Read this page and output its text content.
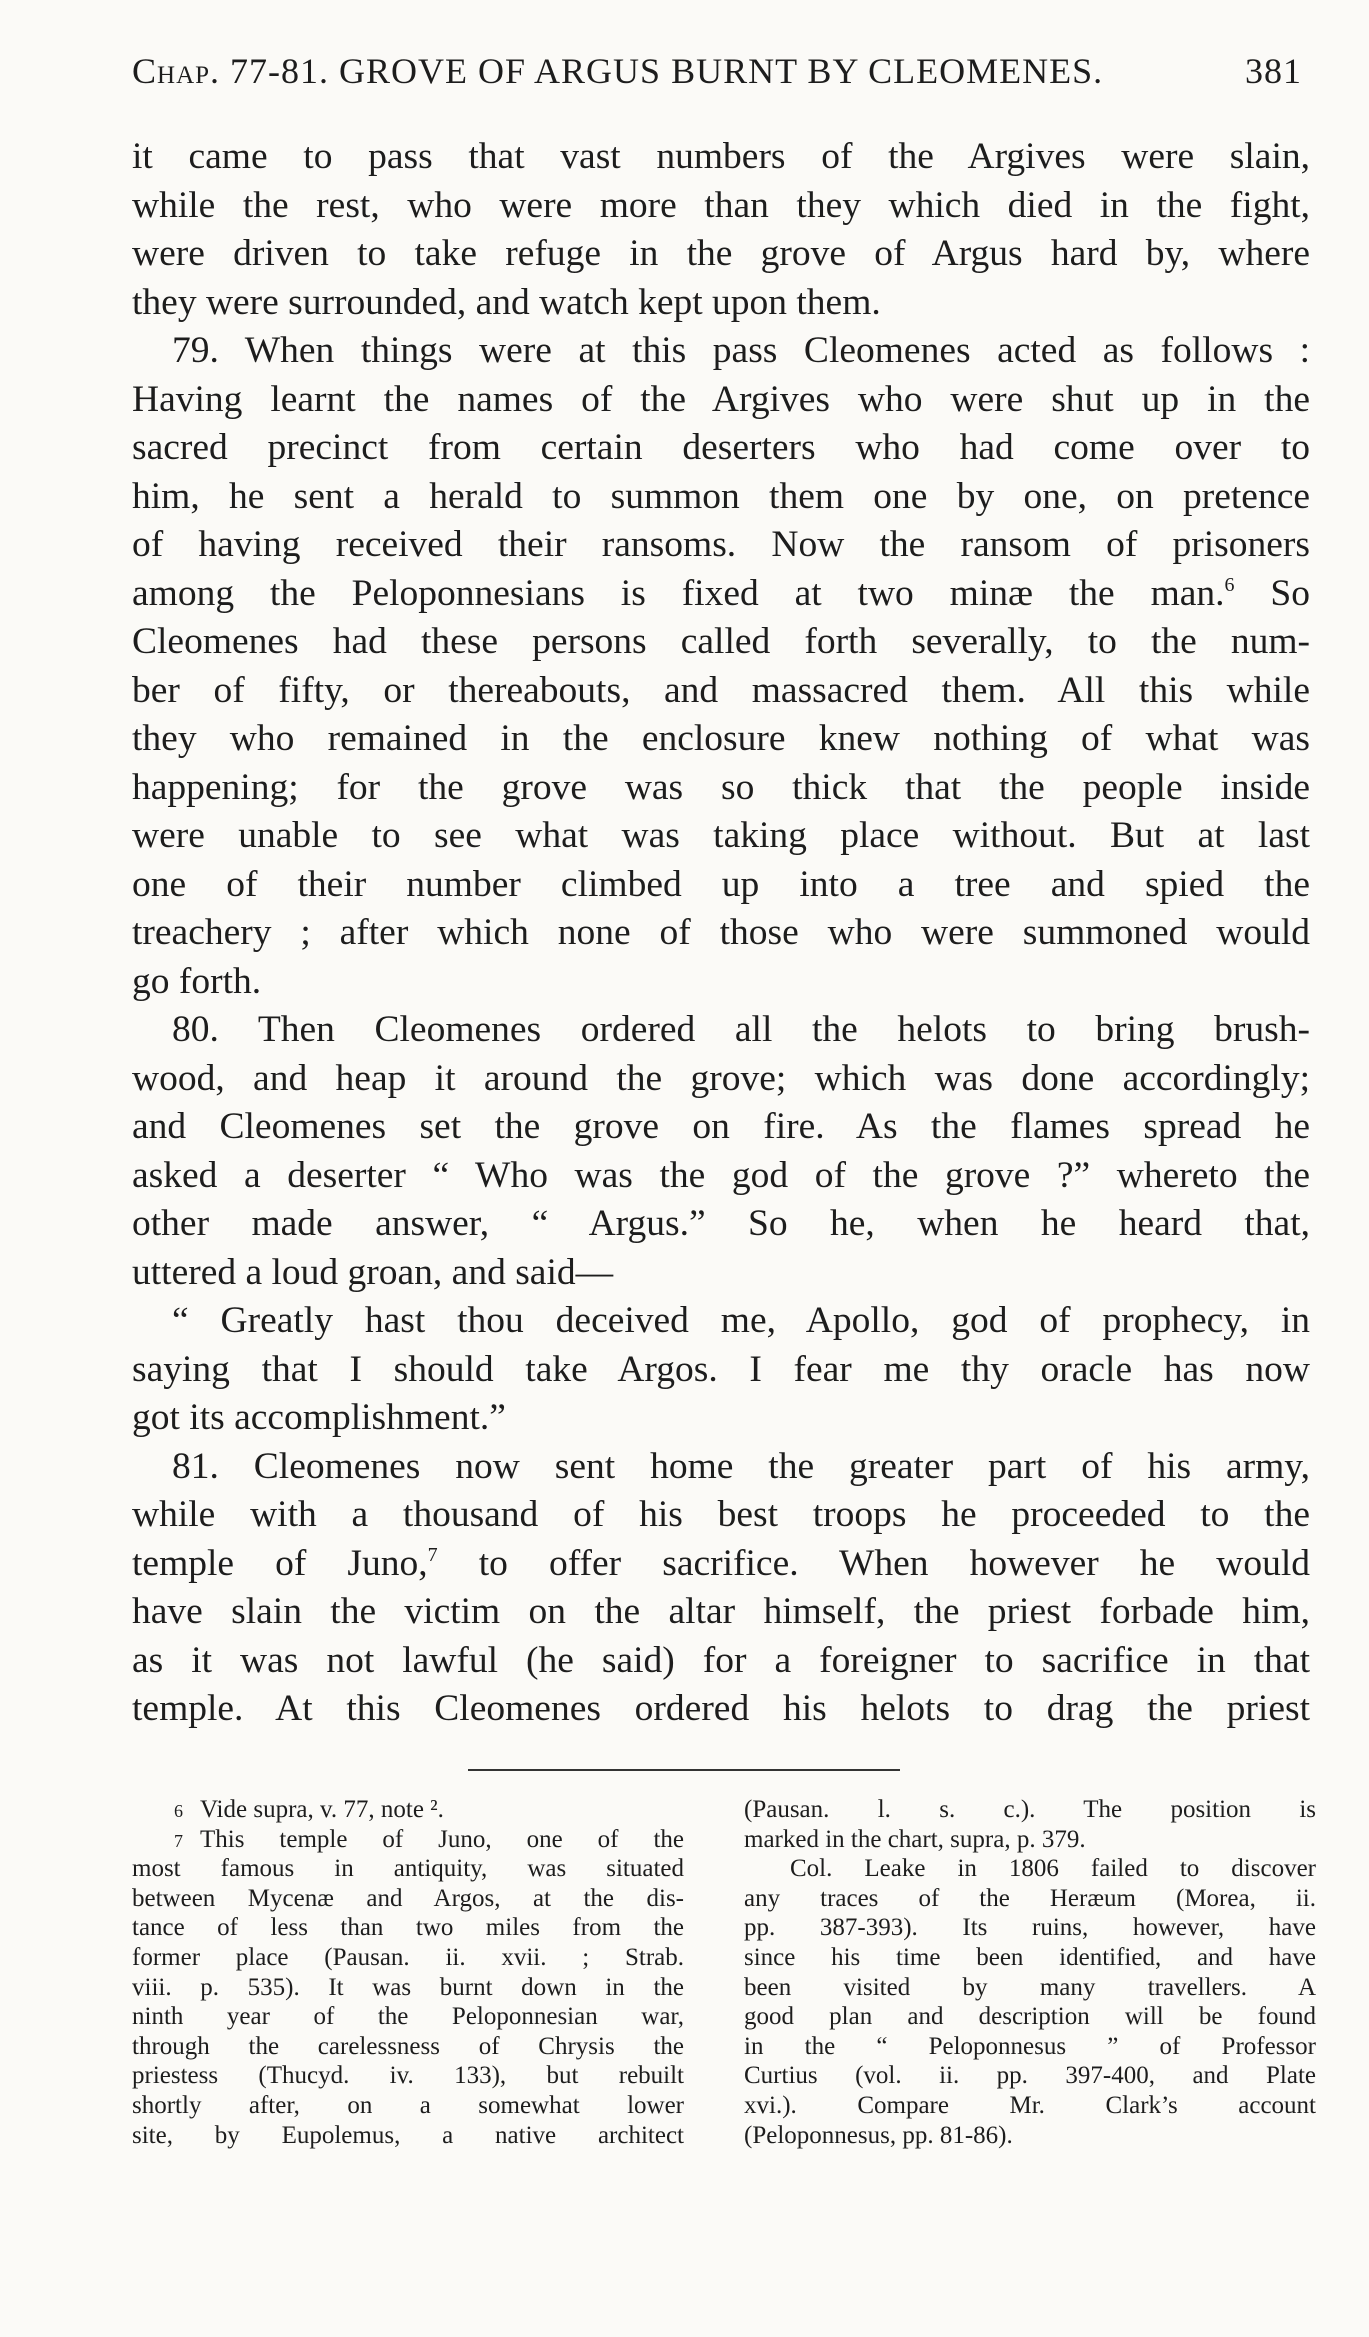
Chap. 77-81. GROVE OF ARGUS BURNT BY CLEOMENES.	381
it came to pass that vast numbers of the Argives were slain,
while the rest, who were more than they which died in the fight,
were driven to take refuge in the grove of Argus hard by, where
they were surrounded, and watch kept upon them.
79. When things were at this pass Cleomenes acted as follows :
Having learnt the names of the Argives who were shut up in the
sacred precinct from certain deserters who had come over to
him, he sent a herald to summon them one by one, on pretence
of having received their ransoms. Now the ransom of prisoners
among the Peloponnesians is fixed at two minæ the man.$^6$ So
Cleomenes had these persons called forth severally, to the num-
ber of fifty, or thereabouts, and massacred them. All this while
they who remained in the enclosure knew nothing of what was
happening; for the grove was so thick that the people inside
were unable to see what was taking place without. But at last
one of their number climbed up into a tree and spied the
treachery ; after which none of those who were summoned would
go forth.
80. Then Cleomenes ordered all the helots to bring brush-
wood, and heap it around the grove; which was done accordingly;
and Cleomenes set the grove on fire. As the flames spread he
asked a deserter “ Who was the god of the grove ?” whereto the
other made answer, “ Argus.” So he, when he heard that,
uttered a loud groan, and said—
“ Greatly hast thou deceived me, Apollo, god of prophecy, in
saying that I should take Argos. I fear me thy oracle has now
got its accomplishment.”
81. Cleomenes now sent home the greater part of his army,
while with a thousand of his best troops he proceeded to the
temple of Juno,$^7$ to offer sacrifice. When however he would
have slain the victim on the altar himself, the priest forbade him,
as it was not lawful (he said) for a foreigner to sacrifice in that
temple. At this Cleomenes ordered his helots to drag the priest
6 Vide supra, v. 77, note ².
7 This temple of Juno, one of the
most famous in antiquity, was situated
between Mycenæ and Argos, at the dis-
tance of less than two miles from the
former place (Pausan. ii. xvii. ; Strab.
viii. p. 535). It was burnt down in the
ninth year of the Peloponnesian war,
through the carelessness of Chrysis the
priestess (Thucyd. iv. 133), but rebuilt
shortly after, on a somewhat lower
site, by Eupolemus, a native architect
(Pausan. l. s. c.). The position is
marked in the chart, supra, p. 379.
Col. Leake in 1806 failed to discover
any traces of the Heræum (Morea, ii.
pp. 387-393). Its ruins, however, have
since his time been identified, and have
been visited by many travellers. A
good plan and description will be found
in the “ Peloponnesus ” of Professor
Curtius (vol. ii. pp. 397-400, and Plate
xvi.). Compare Mr. Clark’s account
(Peloponnesus, pp. 81-86).
